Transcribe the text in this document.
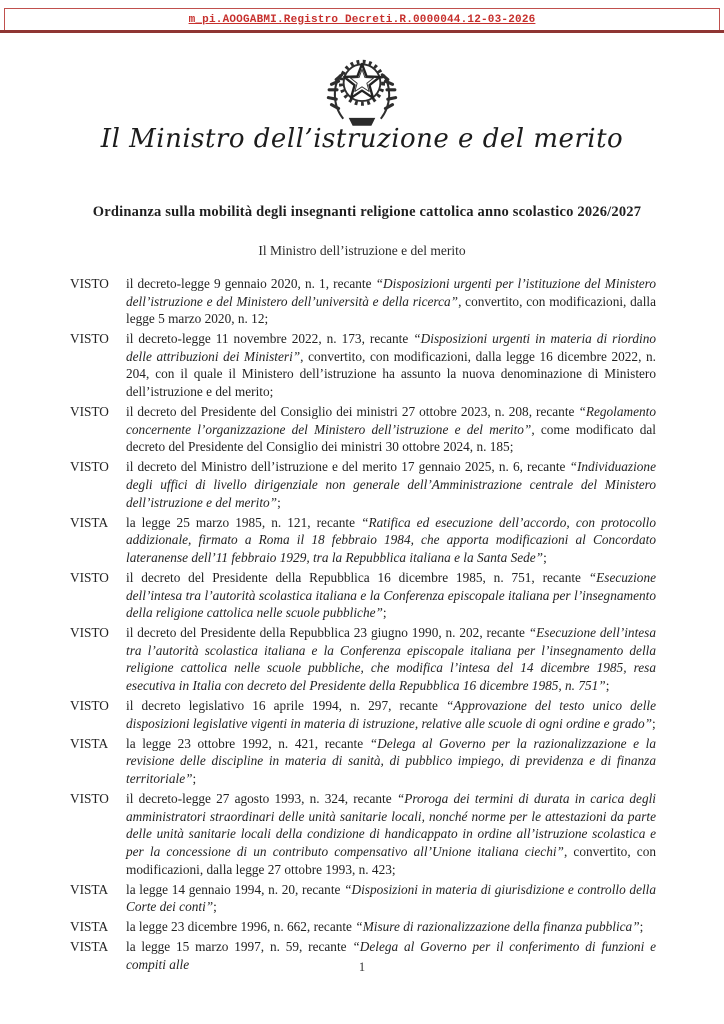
m_pi.AOOGABMI.Registro Decreti.R.0000044.12-03-2026
Il Ministro dell’istruzione e del merito
Ordinanza sulla mobilità degli insegnanti religione cattolica anno scolastico 2026/2027
Il Ministro dell’istruzione e del merito
VISTO	il decreto-legge 9 gennaio 2020, n. 1, recante “Disposizioni urgenti per l’istituzione del Ministero dell’istruzione e del Ministero dell’università e della ricerca”, convertito, con modificazioni, dalla legge 5 marzo 2020, n. 12;
VISTO	il decreto-legge 11 novembre 2022, n. 173, recante “Disposizioni urgenti in materia di riordino delle attribuzioni dei Ministeri”, convertito, con modificazioni, dalla legge 16 dicembre 2022, n. 204, con il quale il Ministero dell’istruzione ha assunto la nuova denominazione di Ministero dell’istruzione e del merito;
VISTO	il decreto del Presidente del Consiglio dei ministri 27 ottobre 2023, n. 208, recante “Regolamento concernente l’organizzazione del Ministero dell’istruzione e del merito”, come modificato dal decreto del Presidente del Consiglio dei ministri 30 ottobre 2024, n. 185;
VISTO	il decreto del Ministro dell’istruzione e del merito 17 gennaio 2025, n. 6, recante “Individuazione degli uffici di livello dirigenziale non generale dell’Amministrazione centrale del Ministero dell’istruzione e del merito”;
VISTA	la legge 25 marzo 1985, n. 121, recante “Ratifica ed esecuzione dell’accordo, con protocollo addizionale, firmato a Roma il 18 febbraio 1984, che apporta modificazioni al Concordato lateranense dell’11 febbraio 1929, tra la Repubblica italiana e la Santa Sede”;
VISTO	il decreto del Presidente della Repubblica 16 dicembre 1985, n. 751, recante “Esecuzione dell’intesa tra l’autorità scolastica italiana e la Conferenza episcopale italiana per l’insegnamento della religione cattolica nelle scuole pubbliche”;
VISTO	il decreto del Presidente della Repubblica 23 giugno 1990, n. 202, recante “Esecuzione dell’intesa tra l’autorità scolastica italiana e la Conferenza episcopale italiana per l’insegnamento della religione cattolica nelle scuole pubbliche, che modifica l’intesa del 14 dicembre 1985, resa esecutiva in Italia con decreto del Presidente della Repubblica 16 dicembre 1985, n. 751”;
VISTO	il decreto legislativo 16 aprile 1994, n. 297, recante “Approvazione del testo unico delle disposizioni legislative vigenti in materia di istruzione, relative alle scuole di ogni ordine e grado”;
VISTA	la legge 23 ottobre 1992, n. 421, recante “Delega al Governo per la razionalizzazione e la revisione delle discipline in materia di sanità, di pubblico impiego, di previdenza e di finanza territoriale”;
VISTO	il decreto-legge 27 agosto 1993, n. 324, recante “Proroga dei termini di durata in carica degli amministratori straordinari delle unità sanitarie locali, nonché norme per le attestazioni da parte delle unità sanitarie locali della condizione di handicappato in ordine all’istruzione scolastica e per la concessione di un contributo compensativo all’Unione italiana ciechi”, convertito, con modificazioni, dalla legge 27 ottobre 1993, n. 423;
VISTA	la legge 14 gennaio 1994, n. 20, recante “Disposizioni in materia di giurisdizione e controllo della Corte dei conti”;
VISTA	la legge 23 dicembre 1996, n. 662, recante “Misure di razionalizzazione della finanza pubblica”;
VISTA	la legge 15 marzo 1997, n. 59, recante “Delega al Governo per il conferimento di funzioni e compiti alle	1
